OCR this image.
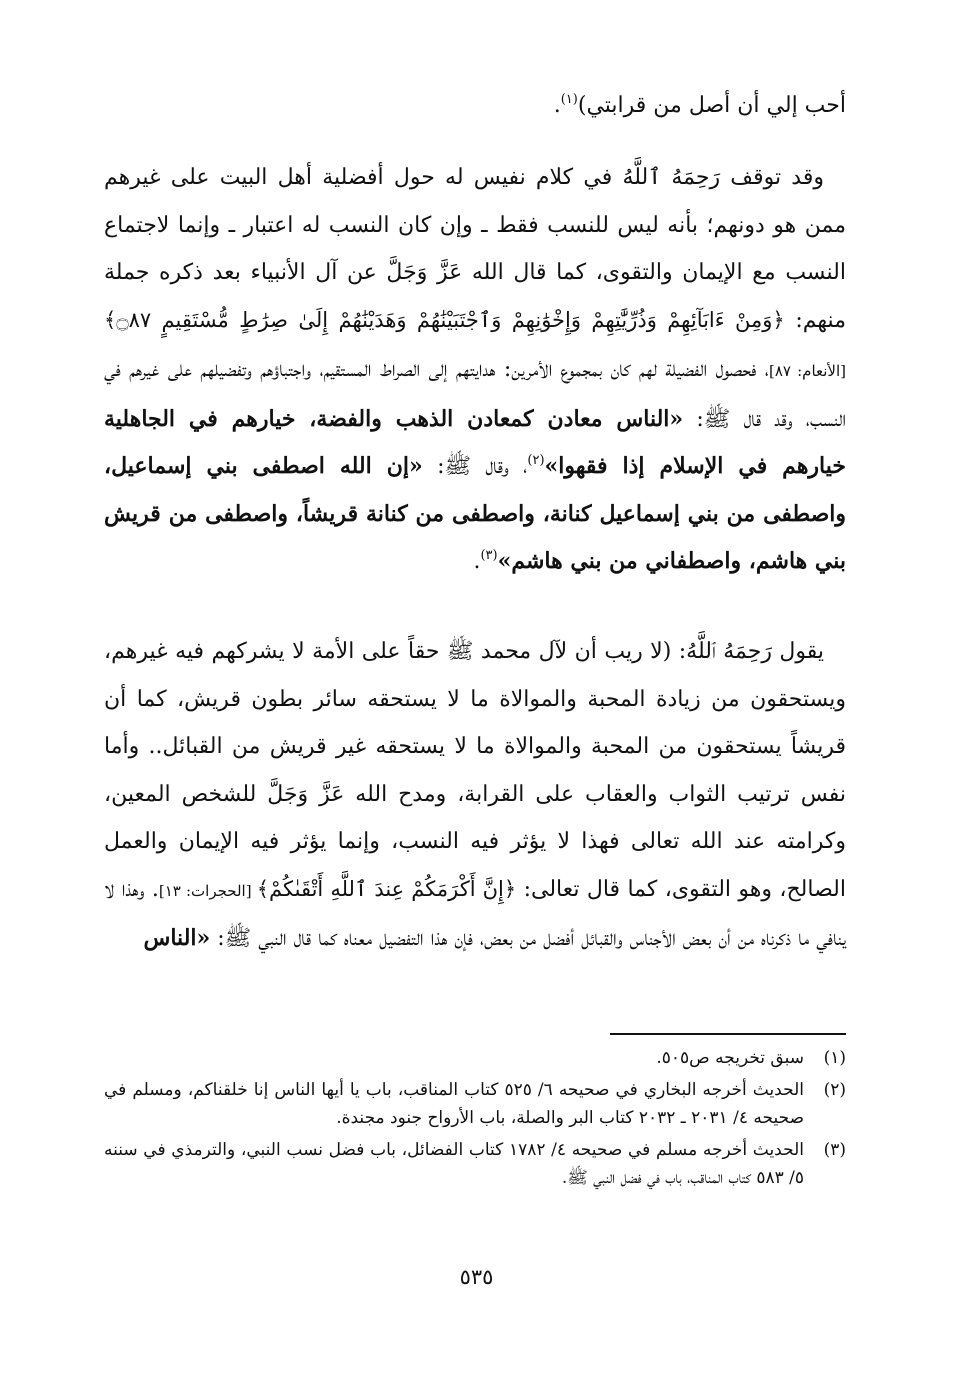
أحب إلي أن أصل من قرابتي)$^{(١)}$.

وقد توقف رَحِمَهُ ٱللَّهُ في كلام نفيس له حول أفضلية أهل البيت على غيرهم ممن هو دونهم؛ بأنه ليس للنسب فقط ـ وإن كان النسب له اعتبار ـ وإنما لاجتماع النسب مع الإيمان والتقوى، كما قال الله عَزَّ وَجَلَّ عن آل الأنبياء بعد ذكره جملة منهم: ﴿وَمِنْ ءَابَآئِهِمْ وَذُرِّيَّٰتِهِمْ وَإِخْوَٰنِهِمْ وَٱجْتَبَيْنَٰهُمْ وَهَدَيْنَٰهُمْ إِلَىٰ صِرَٰطٍ مُّسْتَقِيمٍ ۝٨٧﴾ [الأنعام: ٨٧]، فحصول الفضيلة لهم كان بمجموع الأمرين: هدايتهم إلى الصراط المستقيم، واجتباؤهم وتفضيلهم على غيرهم في النسب، وقد قال ﷺ: «الناس معادن كمعادن الذهب والفضة، خيارهم في الجاهلية خيارهم في الإسلام إذا فقهوا»$^{(٢)}$، وقال ﷺ: «إن الله اصطفى بني إسماعيل، واصطفى من بني إسماعيل كنانة، واصطفى من كنانة قريشاً، واصطفى من قريش بني هاشم، واصطفاني من بني هاشم»$^{(٣)}$.

يقول رَحِمَهُ ٱللَّهُ: (لا ريب أن لآل محمد ﷺ حقاً على الأمة لا يشركهم فيه غيرهم، ويستحقون من زيادة المحبة والموالاة ما لا يستحقه سائر بطون قريش، كما أن قريشاً يستحقون من المحبة والموالاة ما لا يستحقه غير قريش من القبائل.. وأما نفس ترتيب الثواب والعقاب على القرابة، ومدح الله عَزَّ وَجَلَّ للشخص المعين، وكرامته عند الله تعالى فهذا لا يؤثر فيه النسب، وإنما يؤثر فيه الإيمان والعمل الصالح، وهو التقوى، كما قال تعالى: ﴿إِنَّ أَكْرَمَكُمْ عِندَ ٱللَّهِ أَتْقَىٰكُمْ﴾ [الحجرات: ١٣]. وهذا لا ينافي ما ذكرناه من أن بعض الأجناس والقبائل أفضل من بعض، فإن هذا التفضيل معناه كما قال النبي ﷺ: «الناس

(١)
سبق تخريجه ص٥٠٥.
(٢)
الحديث أخرجه البخاري في صحيحه ٦/ ٥٢٥ كتاب المناقب، باب يا أيها الناس إنا خلقناكم، ومسلم في صحيحه ٤/ ٢٠٣١ ـ ٢٠٣٢ كتاب البر والصلة، باب الأرواح جنود مجندة.
(٣)
الحديث أخرجه مسلم في صحيحه ٤/ ١٧٨٢ كتاب الفضائل، باب فضل نسب النبي، والترمذي في سننه ٥/ ٥٨٣ كتاب المناقب، باب في فضل النبي ﷺ.
٥٣٥
